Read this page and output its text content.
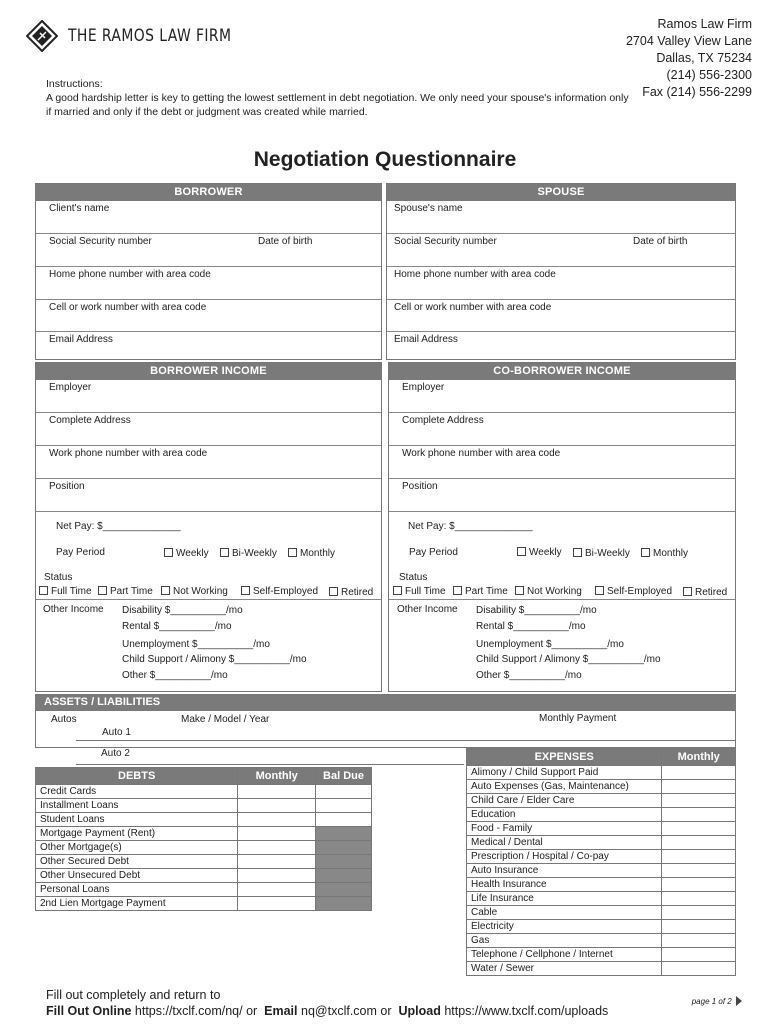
THE RAMOS LAW FIRM
Ramos Law Firm
2704 Valley View Lane
Dallas, TX 75234
(214) 556-2300
Fax (214) 556-2299
Instructions:
A good hardship letter is key to getting the lowest settlement in debt negotiation. We only need your spouse's information only if married and only if the debt or judgment was created while married.
Negotiation Questionnaire
BORROWER
Client's name
Social Security number	Date of birth
Home phone number with area code
Cell or work number with area code
Email Address
SPOUSE
Spouse's name
Social Security number	Date of birth
Home phone number with area code
Cell or work number with area code
Email Address
BORROWER INCOME
Employer
Complete Address
Work phone number with area code
Position
Net Pay: $______________
Pay Period	Weekly	Bi-Weekly	Monthly
Status
Full Time	Part Time	Not Working	Self-Employed	Retired
Other Income Disability $__________/mo
Rental $__________/mo
Unemployment $__________/mo
Child Support / Alimony $__________/mo
Other $__________/mo
CO-BORROWER INCOME
Employer
Complete Address
Work phone number with area code
Position
Net Pay: $______________
Pay Period	Weekly	Bi-Weekly	Monthly
Status
Full Time	Part Time	Not Working	Self-Employed	Retired
Other Income Disability $__________/mo
Rental $__________/mo
Unemployment $__________/mo
Child Support / Alimony $__________/mo
Other $__________/mo
ASSETS / LIABILITIES
Autos	Make / Model / Year	Monthly Payment
Auto 1
Auto 2
DEBTS	Monthly	Bal Due
Credit Cards		
Installment Loans		
Student Loans		
Mortgage Payment (Rent)		
Other Mortgage(s)		
Other Secured Debt		
Other Unsecured Debt		
Personal Loans		
2nd Lien Mortgage Payment		
EXPENSES	Monthly
Alimony / Child Support Paid	
Auto Expenses (Gas, Maintenance)	
Child Care / Elder Care	
Education	
Food - Family	
Medical / Dental	
Prescription / Hospital / Co-pay	
Auto Insurance	
Health Insurance	
Life Insurance	
Cable	
Electricity	
Gas	
Telephone / Cellphone / Internet	
Water / Sewer	
Fill out completely and return to
Fill Out Online https://txclf.com/nq/ or Email nq@txclf.com or Upload https://www.txclf.com/uploads
page 1 of 2
